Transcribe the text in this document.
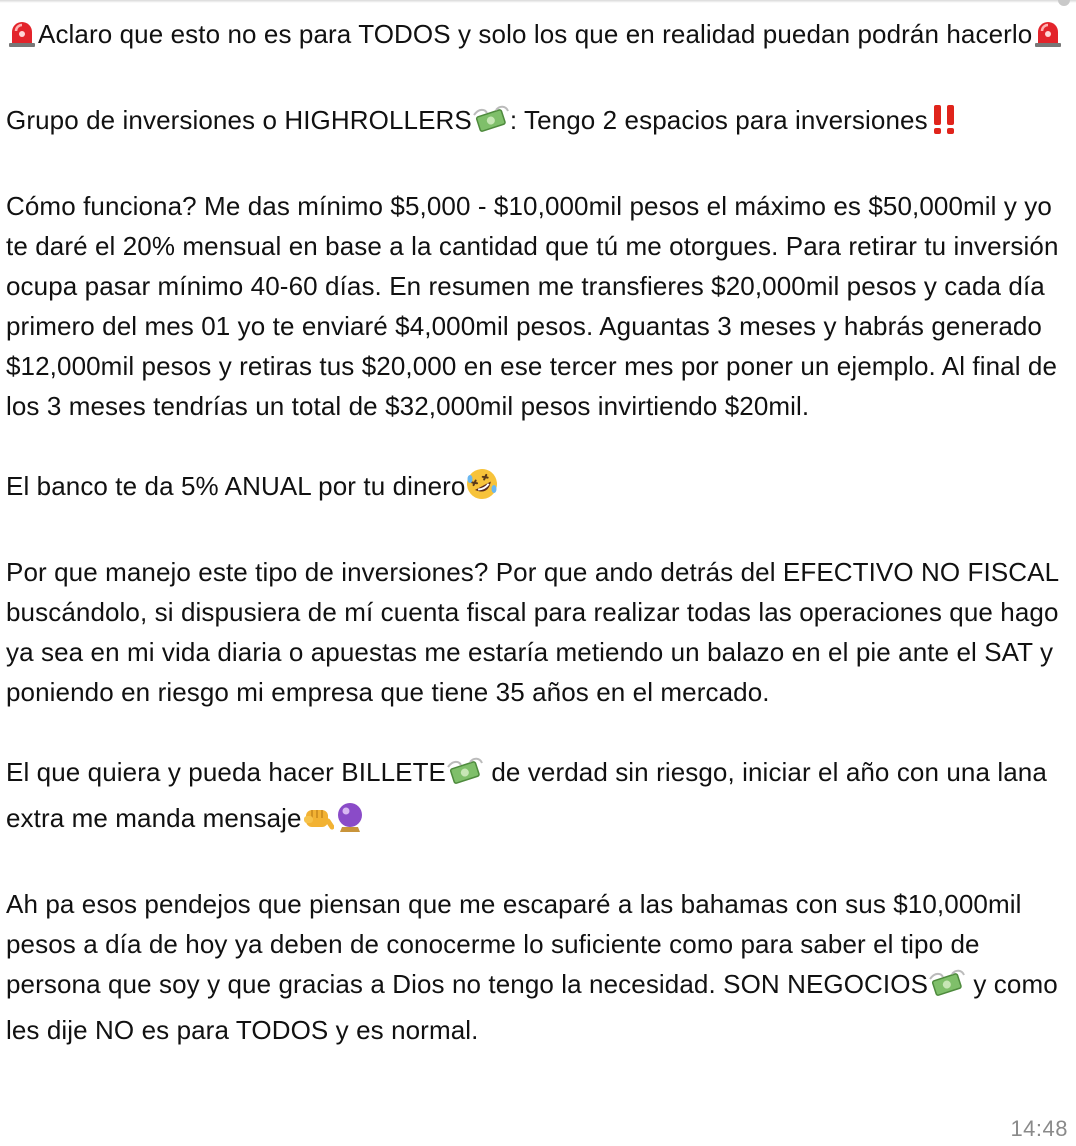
Aclaro que esto no es para TODOS y solo los que en realidad puedan podrán hacerlo

Grupo de inversiones o HIGHROLLERS : Tengo 2 espacios para inversiones

Cómo funciona? Me das mínimo $5,000 - $10,000mil pesos el máximo es $50,000mil y yo te daré el 20% mensual en base a la cantidad que tú me otorgues. Para retirar tu inversión ocupa pasar mínimo 40-60 días. En resumen me transfieres $20,000mil pesos y cada día primero del mes 01 yo te enviaré $4,000mil pesos. Aguantas 3 meses y habrás generado $12,000mil pesos y retiras tus $20,000 en ese tercer mes por poner un ejemplo. Al final de los 3 meses tendrías un total de $32,000mil pesos invirtiendo $20mil.

El banco te da 5% ANUAL por tu dinero

Por que manejo este tipo de inversiones? Por que ando detrás del EFECTIVO NO FISCAL buscándolo, si dispusiera de mí cuenta fiscal para realizar todas las operaciones que hago ya sea en mi vida diaria o apuestas me estaría metiendo un balazo en el pie ante el SAT y poniendo en riesgo mi empresa que tiene 35 años en el mercado.

El que quiera y pueda hacer BILLETE de verdad sin riesgo, iniciar el año con una lana extra me manda mensaje

Ah pa esos pendejos que piensan que me escaparé a las bahamas con sus $10,000mil pesos a día de hoy ya deben de conocerme lo suficiente como para saber el tipo de persona que soy y que gracias a Dios no tengo la necesidad. SON NEGOCIOS y como les dije NO es para TODOS y es normal.

14:48
